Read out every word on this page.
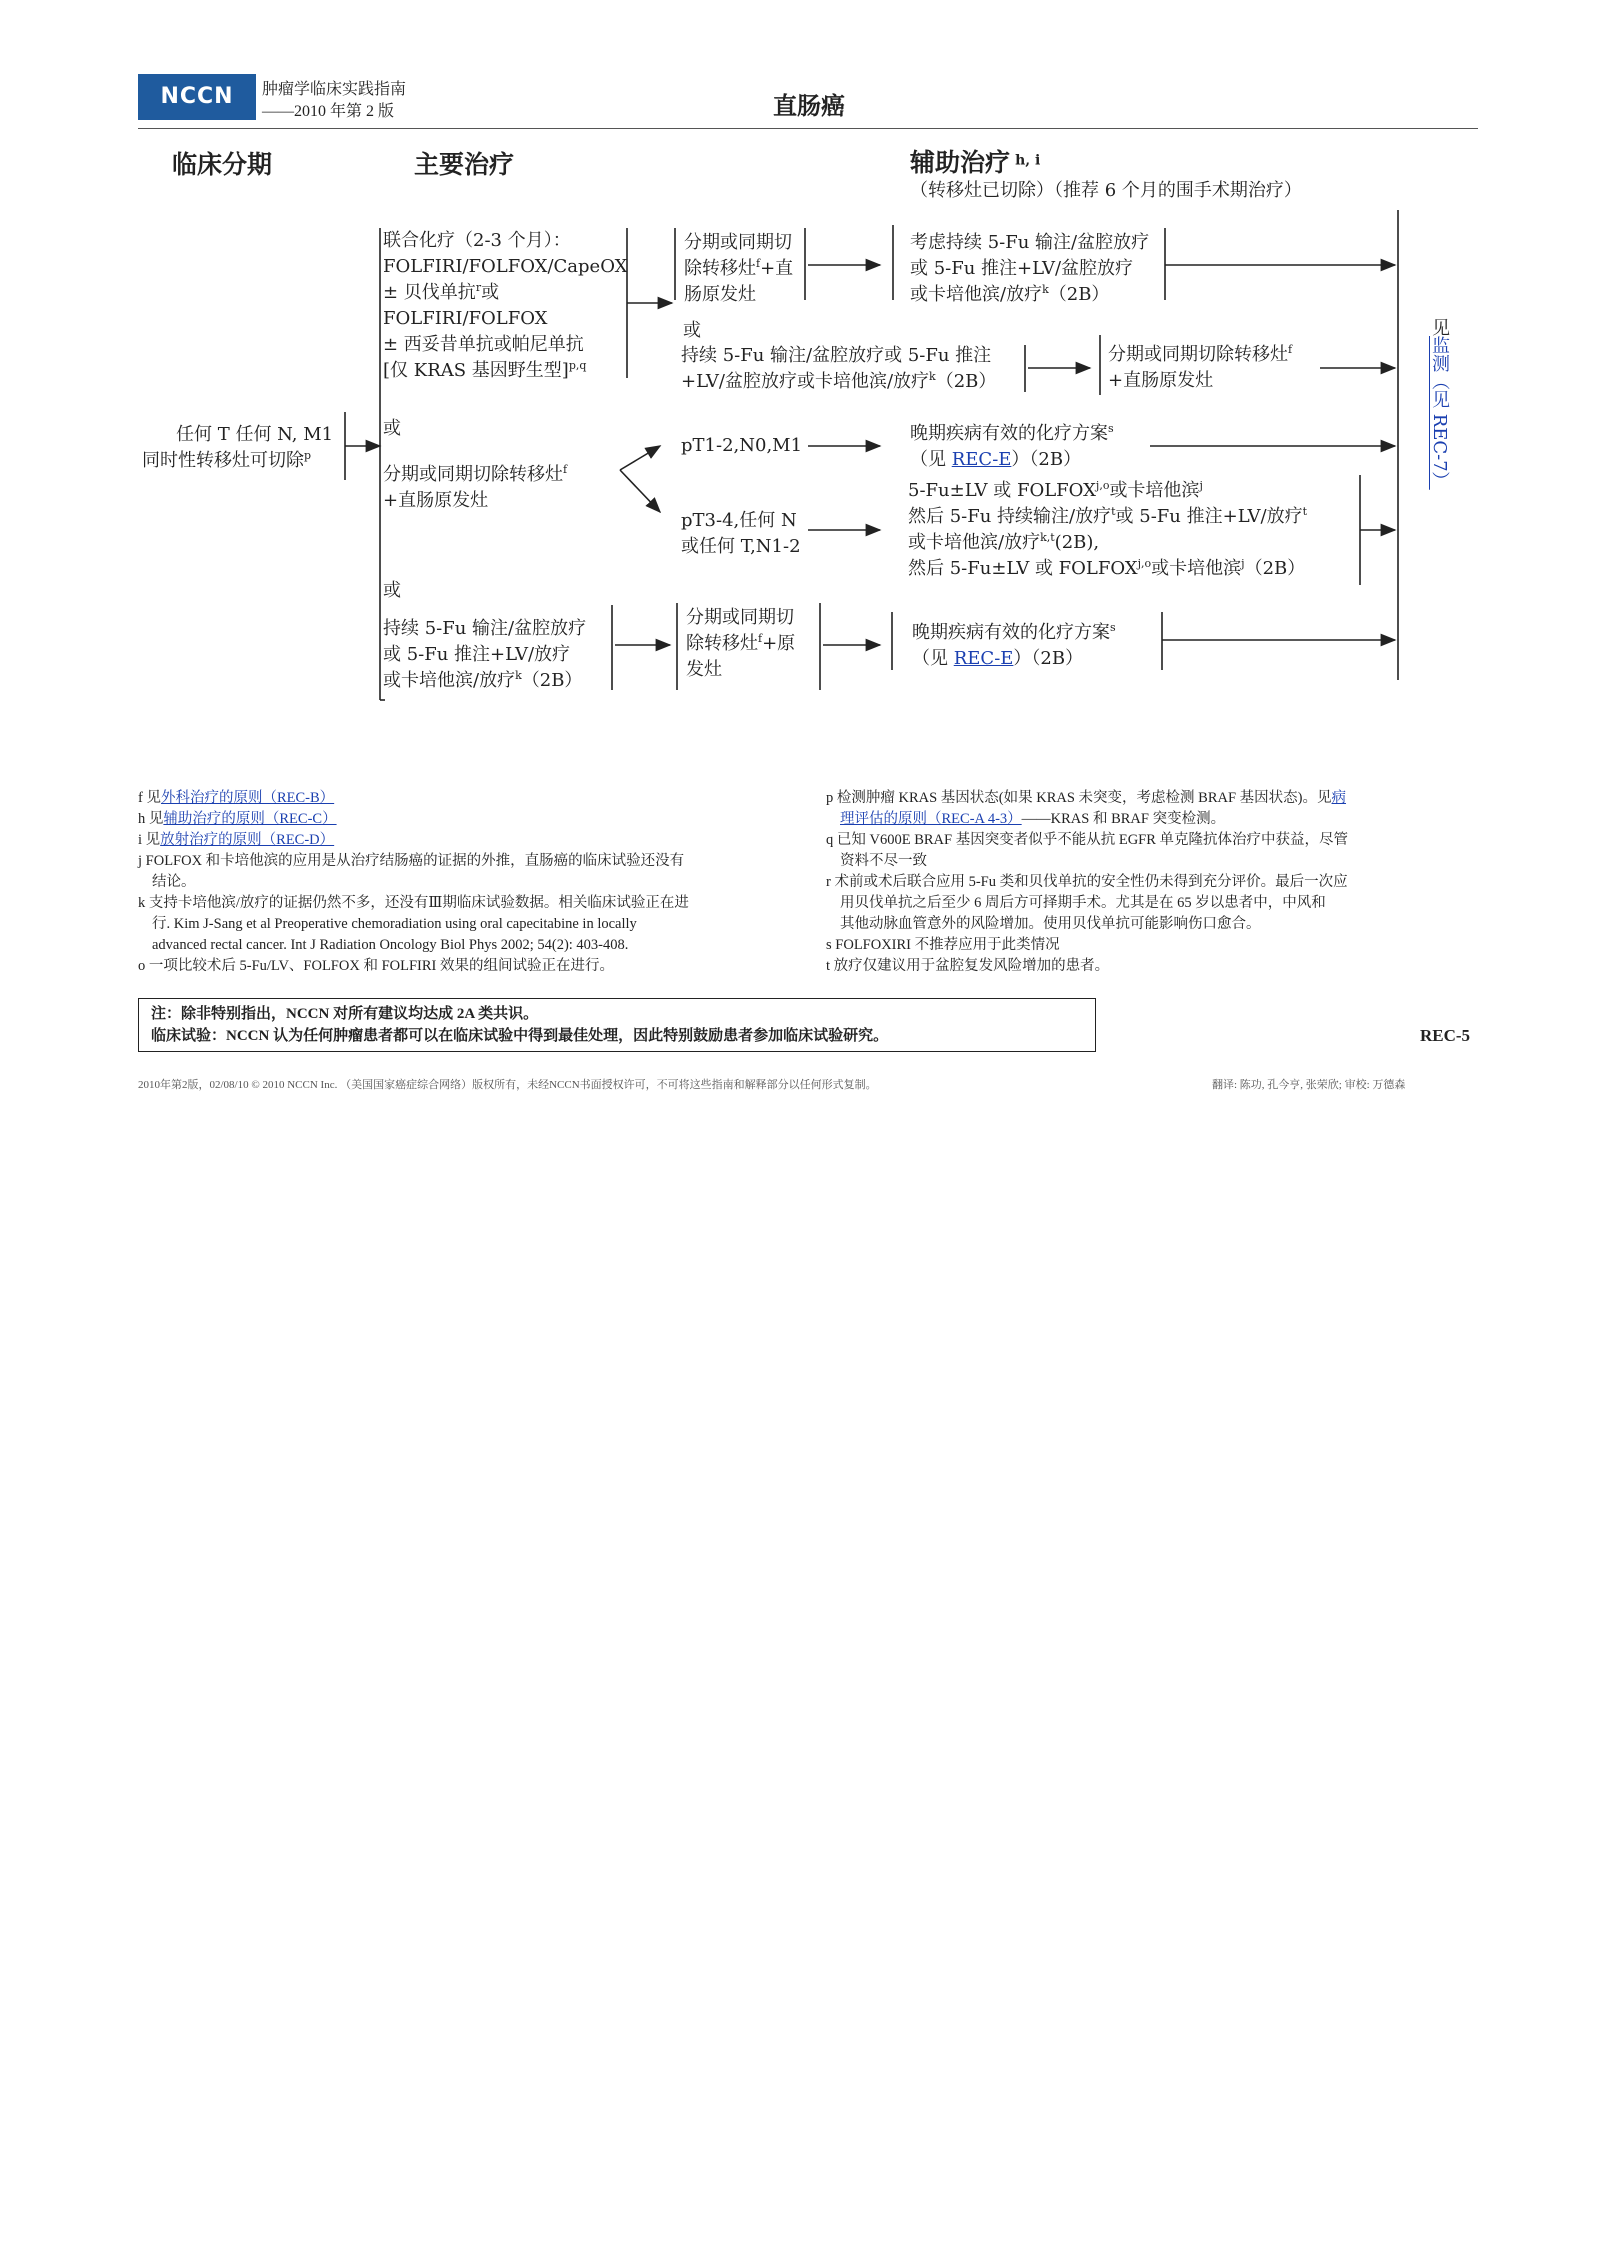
NCCN	肿瘤学临床实践指南
——2010 年第 2 版	直肠癌
临床分期	主要治疗	辅助治疗 $^{h, i}$
（转移灶已切除）（推荐 6 个月的围手术期治疗）
任何 T 任何 N, M1
同时性转移灶可切除$^p$
联合化疗（2-3 个月）：
FOLFIRI/FOLFOX/CapeOX
± 贝伐单抗$^r$或
FOLFIRI/FOLFOX
± 西妥昔单抗或帕尼单抗
[仅 KRAS 基因野生型]$^{p,q}$
分期或同期切
除转移灶$^f$+直
肠原发灶
考虑持续 5-Fu 输注/盆腔放疗
或 5-Fu 推注+LV/盆腔放疗
或卡培他滨/放疗$^k$（2B）
或
持续 5-Fu 输注/盆腔放疗或 5-Fu 推注
+LV/盆腔放疗或卡培他滨/放疗$^k$（2B）
分期或同期切除转移灶$^f$
+直肠原发灶
或
分期或同期切除转移灶$^f$
+直肠原发灶
pT1-2,N0,M1
晚期疾病有效的化疗方案$^s$
（见 REC-E）（2B）
pT3-4,任何 N
或任何 T,N1-2
5-Fu±LV 或 FOLFOX$^{j,o}$或卡培他滨$^j$
然后 5-Fu 持续输注/放疗$^t$或 5-Fu 推注+LV/放疗$^t$
或卡培他滨/放疗$^{k,t}$(2B),
然后 5-Fu±LV 或 FOLFOX$^{j,o}$或卡培他滨$^j$（2B）
或
持续 5-Fu 输注/盆腔放疗
或 5-Fu 推注+LV/放疗
或卡培他滨/放疗$^k$（2B）
分期或同期切
除转移灶$^f$+原
发灶
晚期疾病有效的化疗方案$^s$
（见 REC-E）（2B）
见监测（见 REC-7）
f 见外科治疗的原则（REC-B）
h 见辅助治疗的原则（REC-C）
i 见放射治疗的原则（REC-D）
j FOLFOX 和卡培他滨的应用是从治疗结肠癌的证据的外推，直肠癌的临床试验还没有
结论。
k 支持卡培他滨/放疗的证据仍然不多，还没有Ⅲ期临床试验数据。相关临床试验正在进
行. Kim J-Sang et al Preoperative chemoradiation using oral capecitabine in locally
advanced rectal cancer. Int J Radiation Oncology Biol Phys 2002; 54(2): 403-408.
o 一项比较术后 5-Fu/LV、FOLFOX 和 FOLFIRI 效果的组间试验正在进行。
p 检测肿瘤 KRAS 基因状态(如果 KRAS 未突变，考虑检测 BRAF 基因状态)。见病
理评估的原则（REC-A 4-3）——KRAS 和 BRAF 突变检测。
q 已知 V600E BRAF 基因突变者似乎不能从抗 EGFR 单克隆抗体治疗中获益，尽管
资料不尽一致
r 术前或术后联合应用 5-Fu 类和贝伐单抗的安全性仍未得到充分评价。最后一次应
用贝伐单抗之后至少 6 周后方可择期手术。尤其是在 65 岁以患者中，中风和
其他动脉血管意外的风险增加。使用贝伐单抗可能影响伤口愈合。
s FOLFOXIRI 不推荐应用于此类情况
t 放疗仅建议用于盆腔复发风险增加的患者。
注：除非特别指出，NCCN 对所有建议均达成 2A 类共识。
临床试验：NCCN 认为任何肿瘤患者都可以在临床试验中得到最佳处理，因此特别鼓励患者参加临床试验研究。	REC-5
2010年第2版，02/08/10 © 2010 NCCN Inc. （美国国家癌症综合网络）版权所有，未经NCCN书面授权许可，不可将这些指南和解释部分以任何形式复制。	翻译: 陈功, 孔今亨, 张荣欣; 审校: 万德森
